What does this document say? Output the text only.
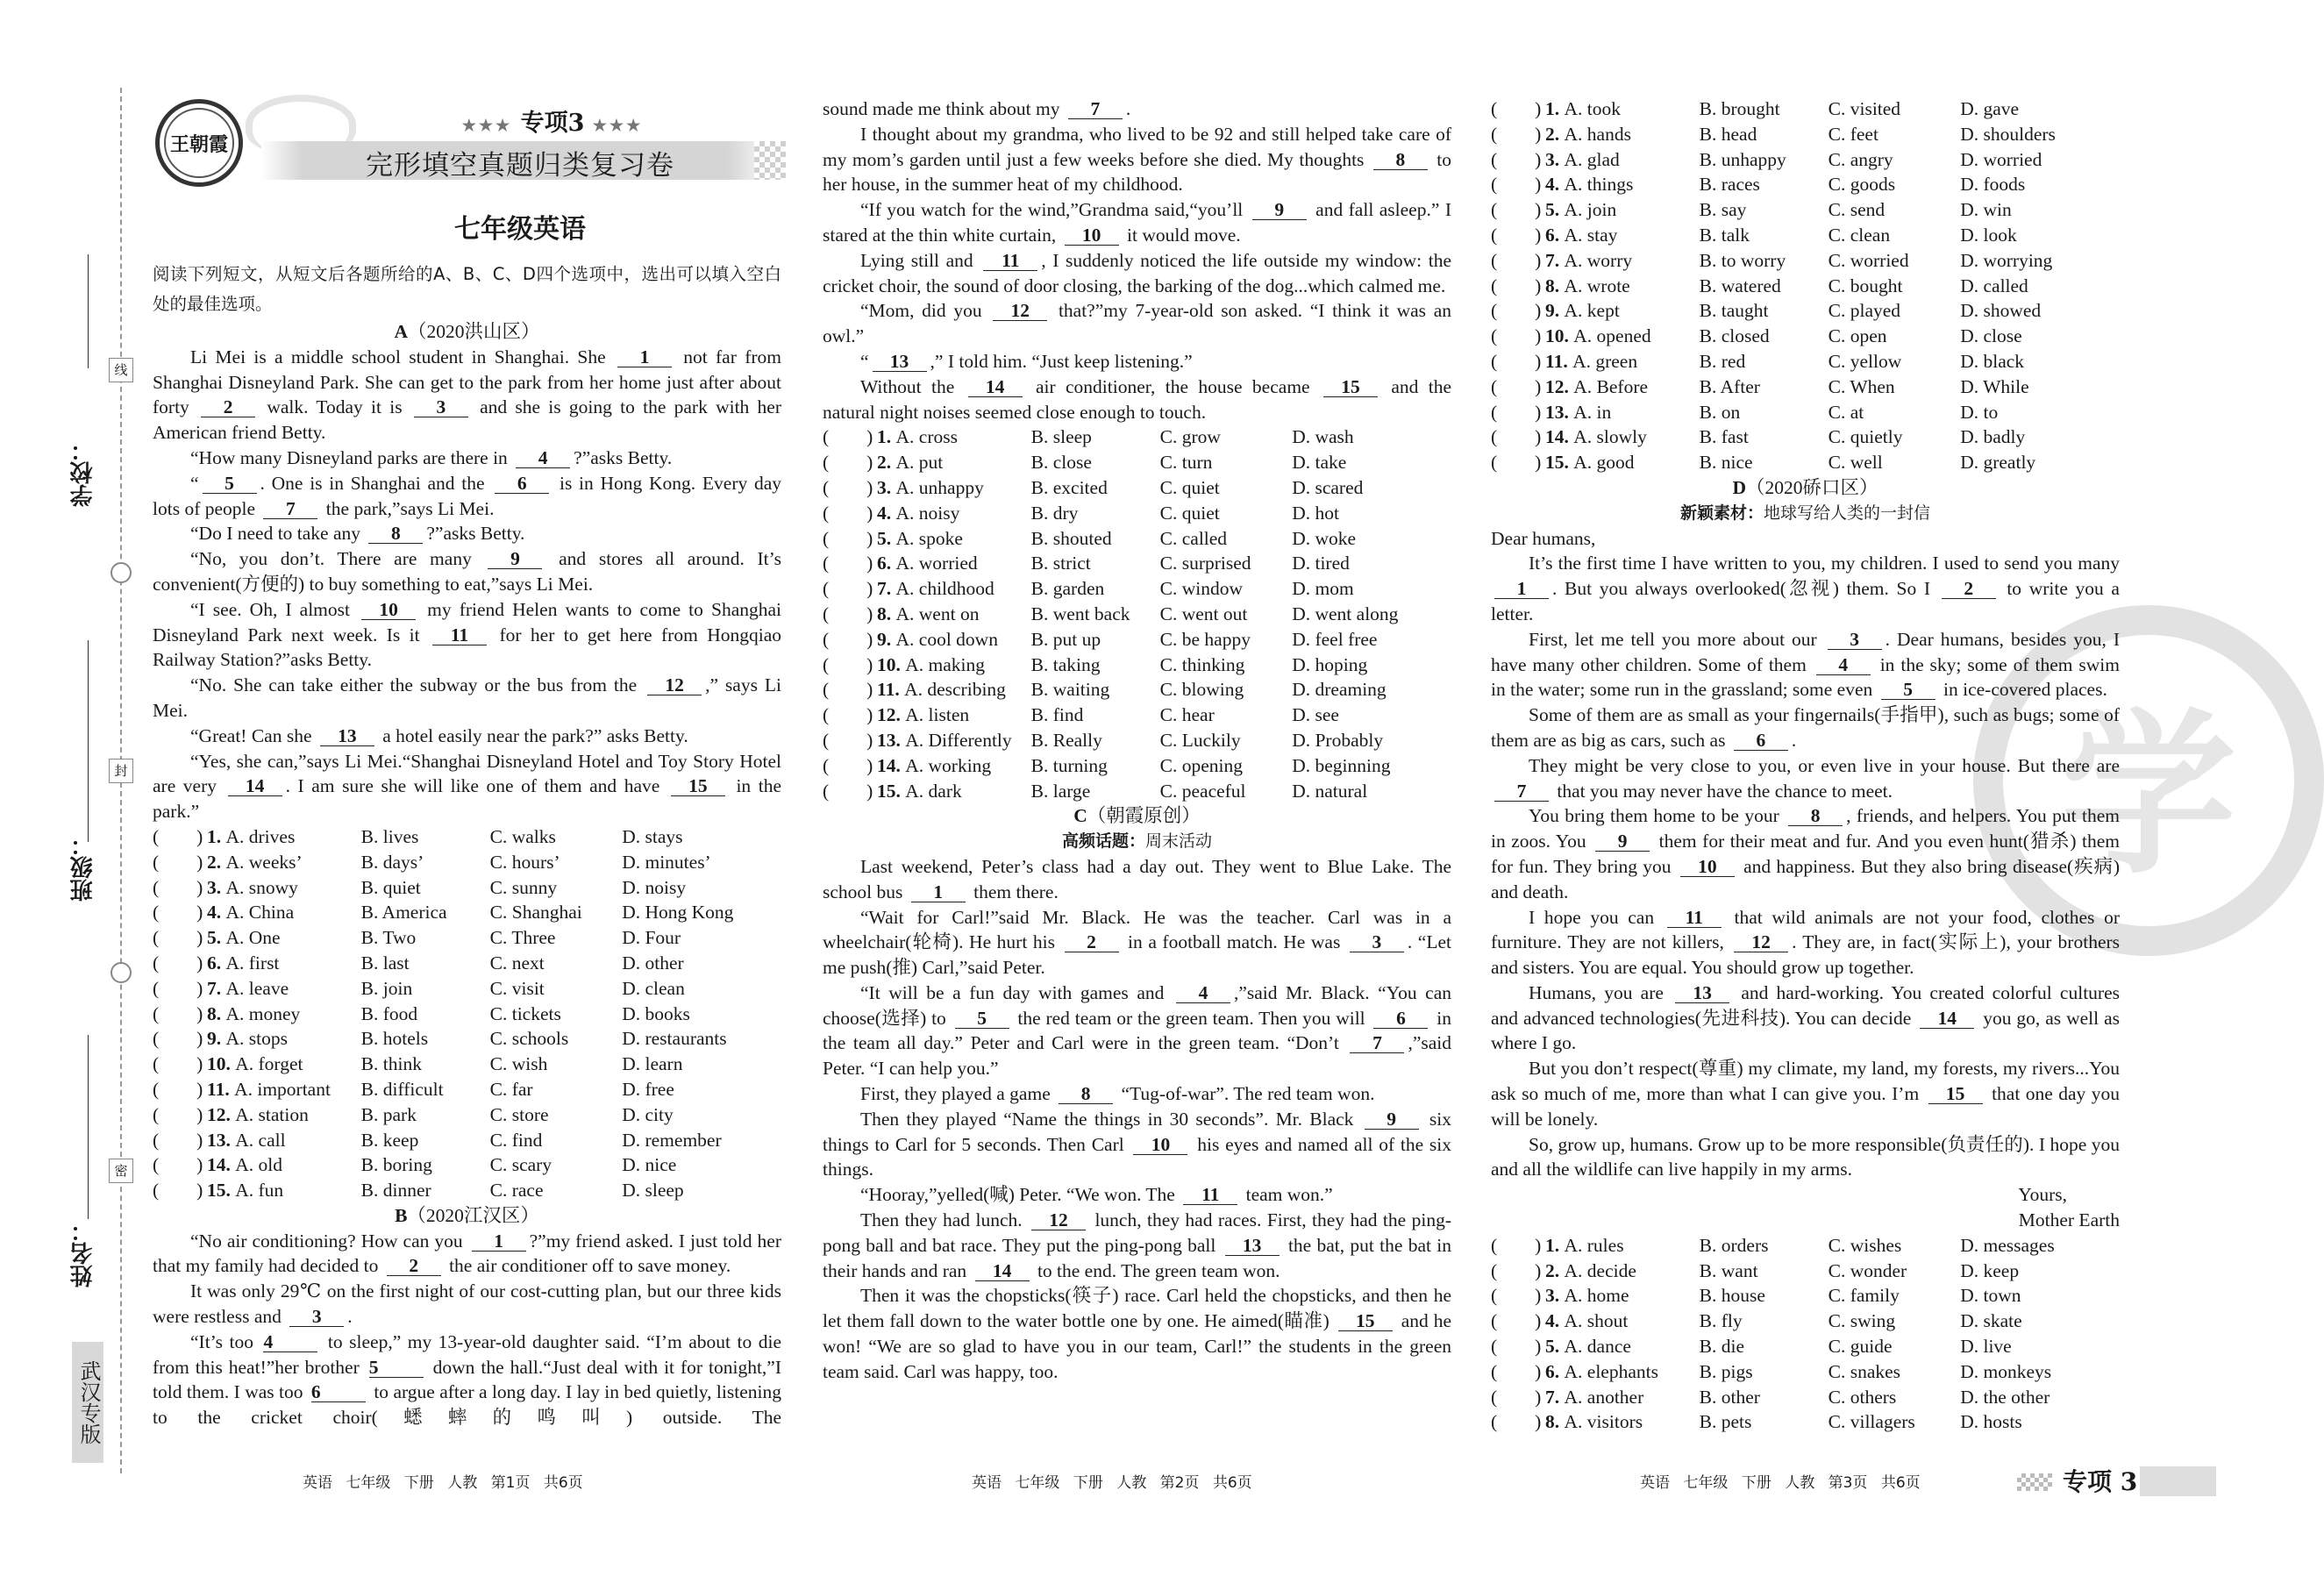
王朝霞
★★★ 专项3 ★★★
完形填空真题归类复习卷
七年级英语
学校：
班级：
姓名：
线
封
密
武汉专版
学

阅读下列短文，从短文后各题所给的A、B、C、D四个选项中，选出可以填入空白处的最佳选项。

A（2020洪山区）

Li Mei is a middle school student in Shanghai. She 1 not far from Shanghai Disneyland Park. She can get to the park from her home just after about forty 2 walk. Today it is 3 and she is going to the park with her American friend Betty.

“How many Disneyland parks are there in 4 ?”asks Betty.

“ 5 . One is in Shanghai and the 6 is in Hong Kong. Every day lots of people 7 the park,”says Li Mei.

“Do I need to take any 8 ?”asks Betty.

“No, you don’t. There are many 9 and stores all around. It’s convenient(方便的) to buy something to eat,”says Li Mei.

“I see. Oh, I almost 10 my friend Helen wants to come to Shanghai Disneyland Park next week. Is it 11 for her to get here from Hongqiao Railway Station?”asks Betty.

“No. She can take either the subway or the bus from the 12 ,” says Li Mei.

“Great! Can she 13 a hotel easily near the park?” asks Betty.

“Yes, she can,”says Li Mei.“Shanghai Disneyland Hotel and Toy Story Hotel are very 14 . I am sure she will like one of them and have 15 in the park.”

(　　) 1. A. drives	B. lives	C. walks	D. stays
(　　) 2. A. weeks’	B. days’	C. hours’	D. minutes’
(　　) 3. A. snowy	B. quiet	C. sunny	D. noisy
(　　) 4. A. China	B. America	C. Shanghai	D. Hong Kong
(　　) 5. A. One	B. Two	C. Three	D. Four
(　　) 6. A. first	B. last	C. next	D. other
(　　) 7. A. leave	B. join	C. visit	D. clean
(　　) 8. A. money	B. food	C. tickets	D. books
(　　) 9. A. stops	B. hotels	C. schools	D. restaurants
(　　) 10. A. forget	B. think	C. wish	D. learn
(　　) 11. A. important	B. difficult	C. far	D. free
(　　) 12. A. station	B. park	C. store	D. city
(　　) 13. A. call	B. keep	C. find	D. remember
(　　) 14. A. old	B. boring	C. scary	D. nice
(　　) 15. A. fun	B. dinner	C. race	D. sleep

B（2020江汉区）

“No air conditioning? How can you 1 ?”my friend asked. I just told her that my family had decided to 2 the air conditioner off to save money.

It was only 29℃ on the first night of our cost-cutting plan, but our three kids were restless and 3 .

“It’s too 4	to sleep,” my 13-year-old daughter said. “I’m about to die from this heat!”her brother 5	down the hall.“Just deal with it for tonight,”I told them. I was too 6	to argue after a long day. I lay in bed quietly, listening to the cricket choir(蟋蟀的鸣叫) outside. The

sound made me think about my 7 .

I thought about my grandma, who lived to be 92 and still helped take care of my mom’s garden until just a few weeks before she died. My thoughts 8 to her house, in the summer heat of my childhood.

“If you watch for the wind,”Grandma said,“you’ll 9 and fall asleep.” I stared at the thin white curtain, 10 it would move.

Lying still and 11 , I suddenly noticed the life outside my window: the cricket choir, the sound of door closing, the barking of the dog...which calmed me.

“Mom, did you 12 that?”my 7-year-old son asked. “I think it was an owl.”

“ 13 ,” I told him. “Just keep listening.”

Without the 14 air conditioner, the house became 15 and the natural night noises seemed close enough to touch.

(　　) 1. A. cross	B. sleep	C. grow	D. wash
(　　) 2. A. put	B. close	C. turn	D. take
(　　) 3. A. unhappy	B. excited	C. quiet	D. scared
(　　) 4. A. noisy	B. dry	C. quiet	D. hot
(　　) 5. A. spoke	B. shouted	C. called	D. woke
(　　) 6. A. worried	B. strict	C. surprised	D. tired
(　　) 7. A. childhood	B. garden	C. window	D. mom
(　　) 8. A. went on	B. went back	C. went out	D. went along
(　　) 9. A. cool down	B. put up	C. be happy	D. feel free
(　　) 10. A. making	B. taking	C. thinking	D. hoping
(　　) 11. A. describing	B. waiting	C. blowing	D. dreaming
(　　) 12. A. listen	B. find	C. hear	D. see
(　　) 13. A. Differently	B. Really	C. Luckily	D. Probably
(　　) 14. A. working	B. turning	C. opening	D. beginning
(　　) 15. A. dark	B. large	C. peaceful	D. natural

C（朝霞原创）

高频话题：周末活动

Last weekend, Peter’s class had a day out. They went to Blue Lake. The school bus 1 them there.

“Wait for Carl!”said Mr. Black. He was the teacher. Carl was in a wheelchair(轮椅). He hurt his 2 in a football match. He was 3 . “Let me push(推) Carl,”said Peter.

“It will be a fun day with games and 4 ,”said Mr. Black. “You can choose(选择) to 5 the red team or the green team. Then you will 6 in the team all day.” Peter and Carl were in the green team. “Don’t 7 ,”said Peter. “I can help you.”

First, they played a game 8 “Tug-of-war”. The red team won.

Then they played “Name the things in 30 seconds”. Mr. Black 9 six things to Carl for 5 seconds. Then Carl 10 his eyes and named all of the six things.

“Hooray,”yelled(喊) Peter. “We won. The 11 team won.”

Then they had lunch. 12 lunch, they had races. First, they had the ping-pong ball and bat race. They put the ping-pong ball 13 the bat, put the bat in their hands and ran 14 to the end. The green team won.

Then it was the chopsticks(筷子) race. Carl held the chopsticks, and then he let them fall down to the water bottle one by one. He aimed(瞄准) 15 and he won! “We are so glad to have you in our team, Carl!” the students in the green team said. Carl was happy, too.

(　　) 1. A. took	B. brought	C. visited	D. gave
(　　) 2. A. hands	B. head	C. feet	D. shoulders
(　　) 3. A. glad	B. unhappy	C. angry	D. worried
(　　) 4. A. things	B. races	C. goods	D. foods
(　　) 5. A. join	B. say	C. send	D. win
(　　) 6. A. stay	B. talk	C. clean	D. look
(　　) 7. A. worry	B. to worry	C. worried	D. worrying
(　　) 8. A. wrote	B. watered	C. bought	D. called
(　　) 9. A. kept	B. taught	C. played	D. showed
(　　) 10. A. opened	B. closed	C. open	D. close
(　　) 11. A. green	B. red	C. yellow	D. black
(　　) 12. A. Before	B. After	C. When	D. While
(　　) 13. A. in	B. on	C. at	D. to
(　　) 14. A. slowly	B. fast	C. quietly	D. badly
(　　) 15. A. good	B. nice	C. well	D. greatly

D（2020硚口区）

新颖素材：地球写给人类的一封信

Dear humans,

It’s the first time I have written to you, my children. I used to send you many 1 . But you always overlooked(忽视) them. So I 2 to write you a letter.

First, let me tell you more about our 3 . Dear humans, besides you, I have many other children. Some of them 4 in the sky; some of them swim in the water; some run in the grassland; some even 5 in ice-covered places.

Some of them are as small as your fingernails(手指甲), such as bugs; some of them are as big as cars, such as 6 .

They might be very close to you, or even live in your house. But there are 7 that you may never have the chance to meet.

You bring them home to be your 8 , friends, and helpers. You put them in zoos. You 9 them for their meat and fur. And you even hunt(猎杀) them for fun. They bring you 10 and happiness. But they also bring disease(疾病) and death.

I hope you can 11 that wild animals are not your food, clothes or furniture. They are not killers, 12 . They are, in fact(实际上), your brothers and sisters. You are equal. You should grow up together.

Humans, you are 13 and hard-working. You created colorful cultures and advanced technologies(先进科技). You can decide 14 you go, as well as where I go.

But you don’t respect(尊重) my climate, my land, my forests, my rivers...You ask so much of me, more than what I can give you. I’m 15 that one day you will be lonely.

So, grow up, humans. Grow up to be more responsible(负责任的). I hope you and all the wildlife can live happily in my arms.

Yours,

Mother Earth

(　　) 1. A. rules	B. orders	C. wishes	D. messages
(　　) 2. A. decide	B. want	C. wonder	D. keep
(　　) 3. A. home	B. house	C. family	D. town
(　　) 4. A. shout	B. fly	C. swing	D. skate
(　　) 5. A. dance	B. die	C. guide	D. live
(　　) 6. A. elephants	B. pigs	C. snakes	D. monkeys
(　　) 7. A. another	B. other	C. others	D. the other
(　　) 8. A. visitors	B. pets	C. villagers	D. hosts
英语 七年级 下册 人教 第1页 共6页	英语 七年级 下册 人教 第2页 共6页	英语 七年级 下册 人教 第3页 共6页	专项 3
